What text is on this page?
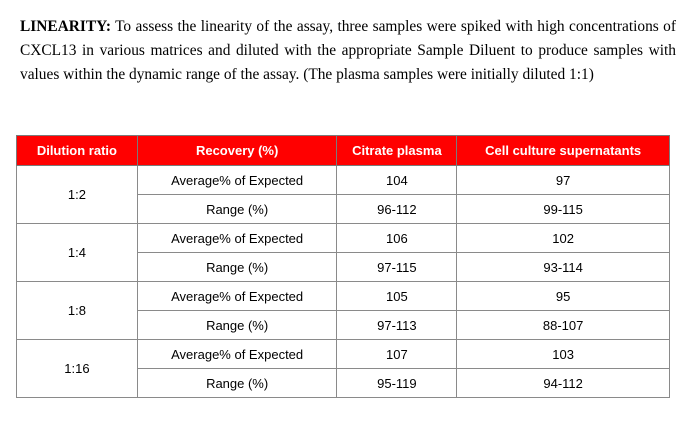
LINEARITY: To assess the linearity of the assay, three samples were spiked with high concentrations of CXCL13 in various matrices and diluted with the appropriate Sample Diluent to produce samples with values within the dynamic range of the assay. (The plasma samples were initially diluted 1:1)
Dilution ratio	Recovery (%)	Citrate plasma	Cell culture supernatants
1:2	Average% of Expected	104	97
	Range (%)	96-112	99-115
1:4	Average% of Expected	106	102
	Range (%)	97-115	93-114
1:8	Average% of Expected	105	95
	Range (%)	97-113	88-107
1:16	Average% of Expected	107	103
	Range (%)	95-119	94-112
